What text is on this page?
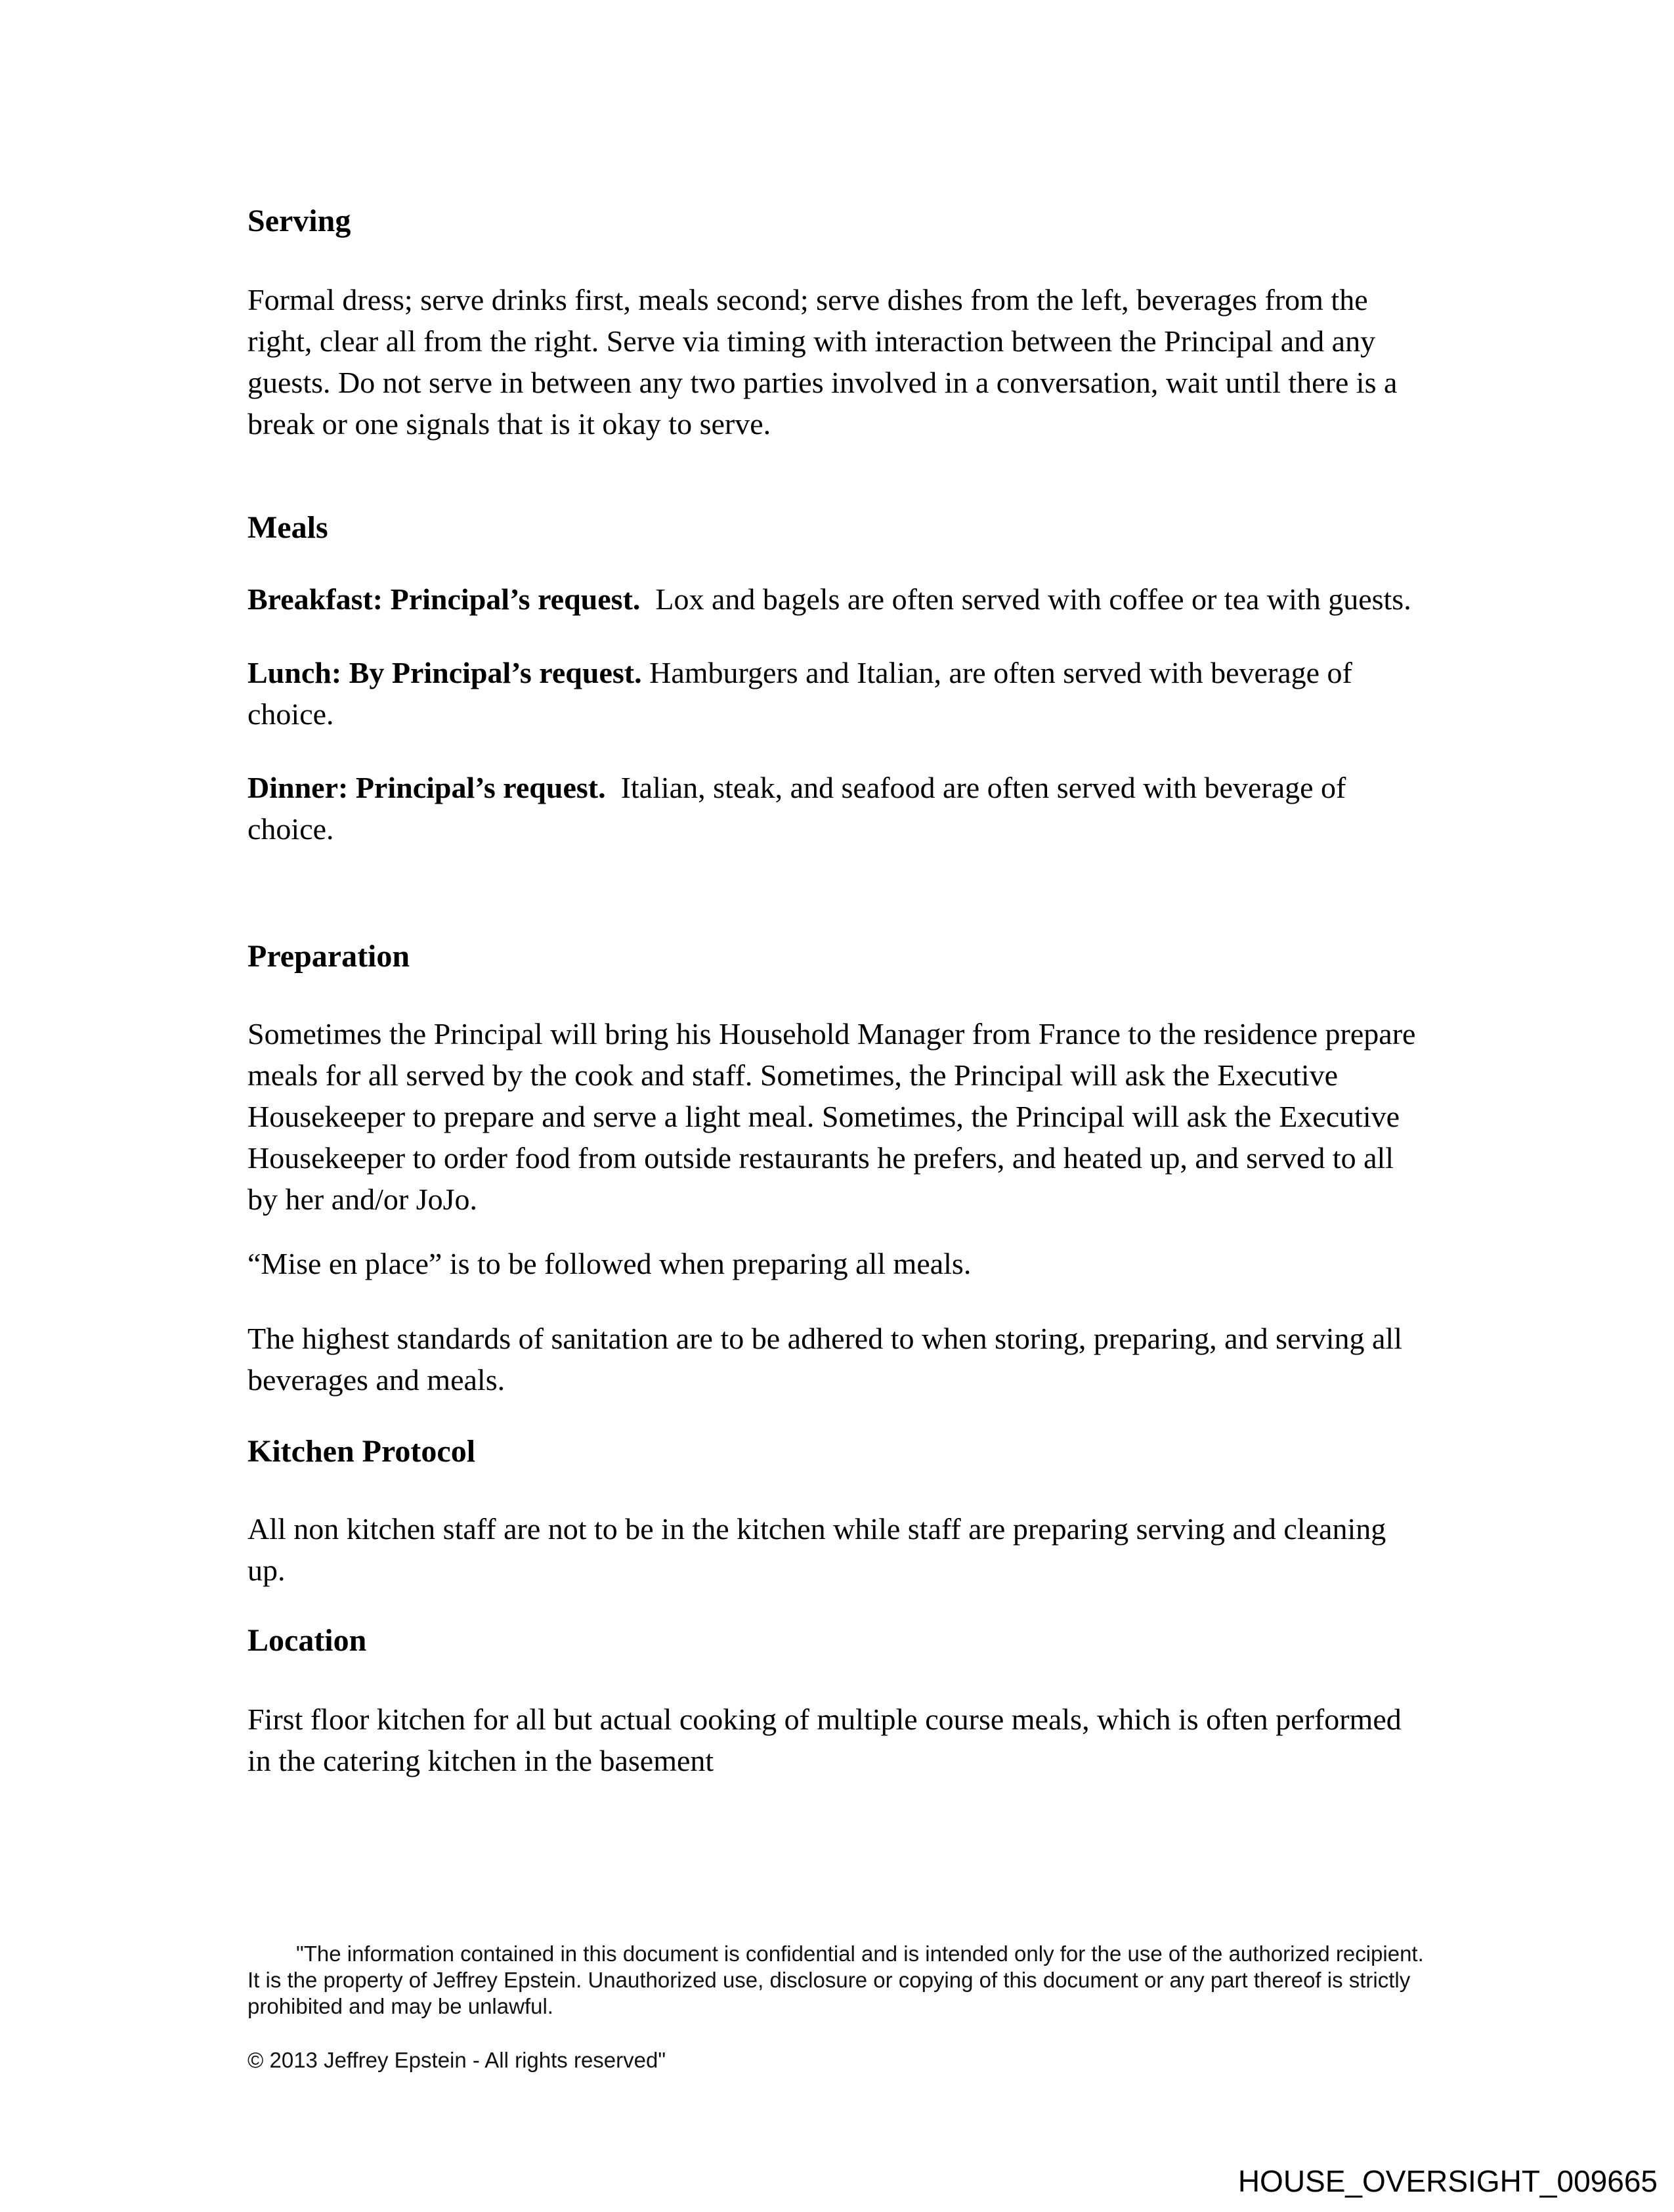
Serving

Formal dress; serve drinks first, meals second; serve dishes from the left, beverages from the right, clear all from the right. Serve via timing with interaction between the Principal and any guests. Do not serve in between any two parties involved in a conversation, wait until there is a break or one signals that is it okay to serve.

Meals

Breakfast: Principal’s request.  Lox and bagels are often served with coffee or tea with guests.

Lunch: By Principal’s request. Hamburgers and Italian, are often served with beverage of choice.

Dinner: Principal’s request.  Italian, steak, and seafood are often served with beverage of choice.

Preparation

Sometimes the Principal will bring his Household Manager from France to the residence prepare meals for all served by the cook and staff. Sometimes, the Principal will ask the Executive Housekeeper to prepare and serve a light meal. Sometimes, the Principal will ask the Executive Housekeeper to order food from outside restaurants he prefers, and heated up, and served to all by her and/or JoJo.

“Mise en place” is to be followed when preparing all meals.

The highest standards of sanitation are to be adhered to when storing, preparing, and serving all beverages and meals.

Kitchen Protocol

All non kitchen staff are not to be in the kitchen while staff are preparing serving and cleaning up.

Location

First floor kitchen for all but actual cooking of multiple course meals, which is often performed in the catering kitchen in the basement

"The information contained in this document is confidential and is intended only for the use of the authorized recipient.
It is the property of Jeffrey Epstein. Unauthorized use, disclosure or copying of this document or any part thereof is strictly
prohibited and may be unlawful.
© 2013 Jeffrey Epstein - All rights reserved"
HOUSE_OVERSIGHT_009665
